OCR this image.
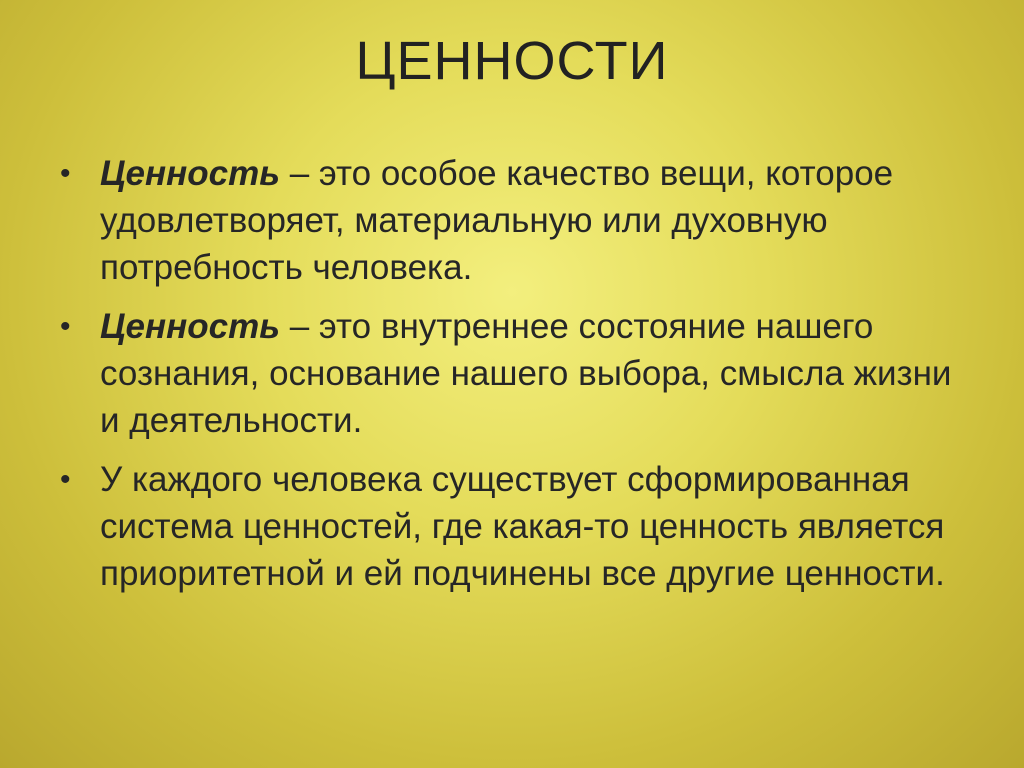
ЦЕННОСТИ
• Ценность – это особое качество вещи, которое удовлетворяет, материальную или духовную потребность человека.
• Ценность – это внутреннее состояние нашего сознания, основание нашего выбора, смысла жизни и деятельности.
• У каждого человека существует сформированная система ценностей, где какая-то ценность является приоритетной и ей подчинены все другие ценности.
